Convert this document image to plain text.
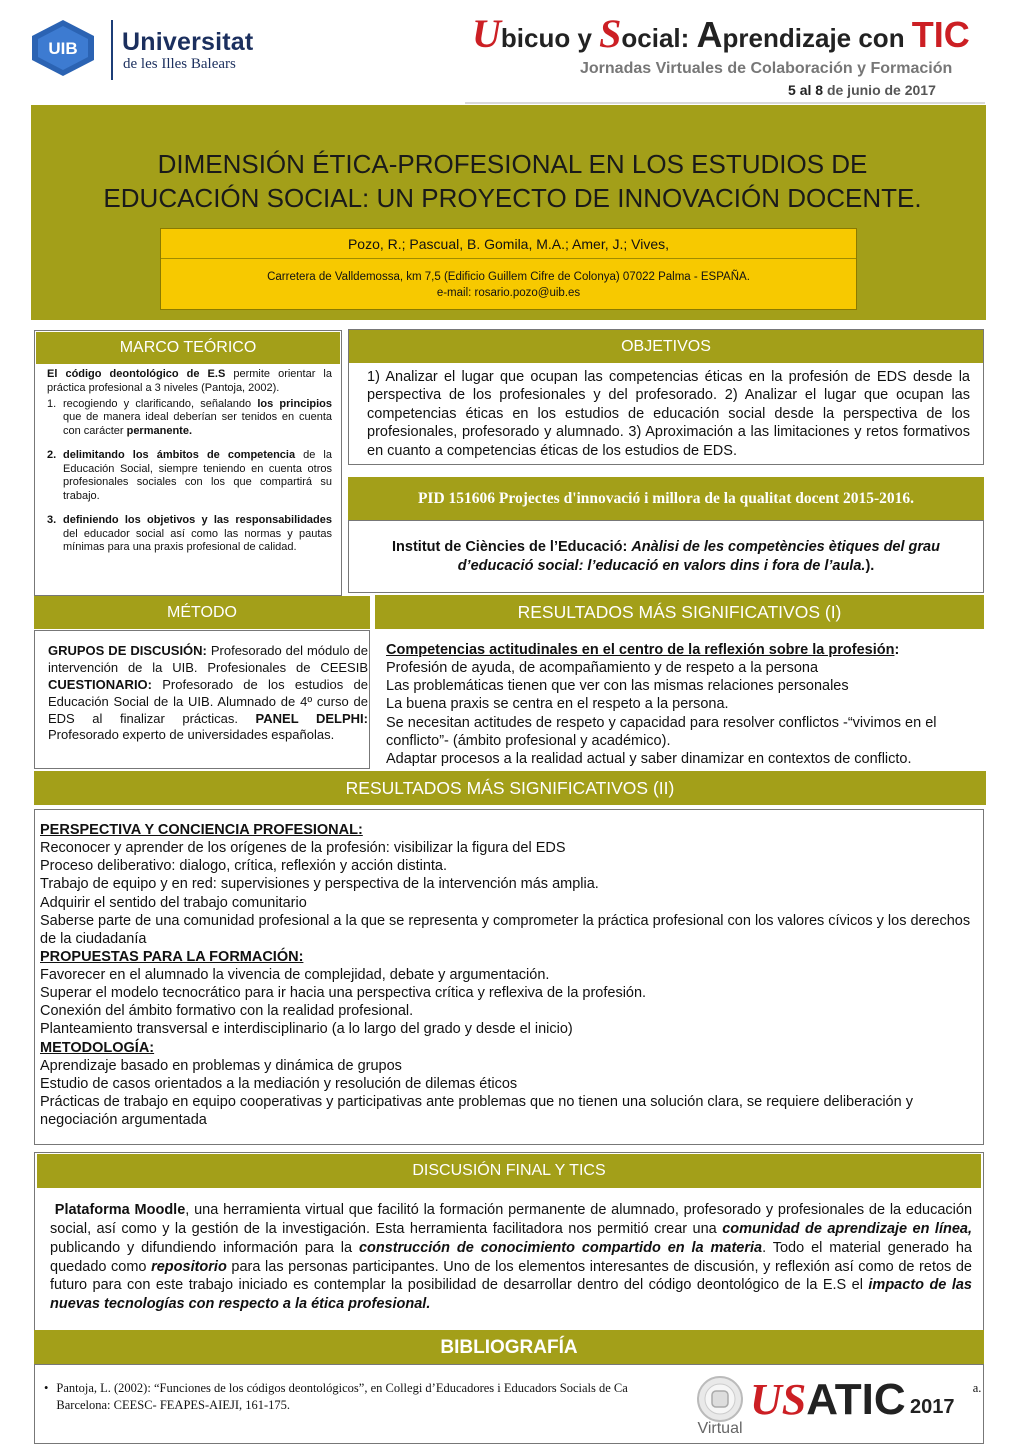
UIB Universitat
de les Illes Balears
Ubicuo y Social: Aprendizaje con TIC
Jornadas Virtuales de Colaboración y Formación
5 al 8 de junio de 2017
DIMENSIÓN ÉTICA-PROFESIONAL EN LOS ESTUDIOS DE
EDUCACIÓN SOCIAL: UN PROYECTO DE INNOVACIÓN DOCENTE.
Pozo, R.; Pascual, B. Gomila, M.A.; Amer, J.; Vives,
Carretera de Valldemossa, km 7,5 (Edificio Guillem Cifre de Colonya) 07022 Palma - ESPAÑA.
e-mail: rosario.pozo@uib.es
MARCO TEÓRICO

El código deontológico de E.S permite orientar la práctica profesional a 3 niveles (Pantoja, 2002).

1. recogiendo y clarificando, señalando los principios que de manera ideal deberían ser tenidos en cuenta con carácter permanente.
2. delimitando los ámbitos de competencia de la Educación Social, siempre teniendo en cuenta otros profesionales sociales con los que compartirá su trabajo.
3. definiendo los objetivos y las responsabilidades del educador social así como las normas y pautas mínimas para una praxis profesional de calidad.
OBJETIVOS
1) Analizar el lugar que ocupan las competencias éticas en la profesión de EDS desde la perspectiva de los profesionales y del profesorado. 2) Analizar el lugar que ocupan las competencias éticas en los estudios de educación social desde la perspectiva de los profesionales, profesorado y alumnado. 3) Aproximación a las limitaciones y retos formativos en cuanto a competencias éticas de los estudios de EDS.
PID 151606 Projectes d'innovació i millora de la qualitat docent 2015-2016.
Institut de Ciències de l’Educació: Anàlisi de les competències ètiques del grau d’educació social: l’educació en valors dins i fora de l’aula.).
MÉTODO
GRUPOS DE DISCUSIÓN: Profesorado del módulo de intervención de la UIB. Profesionales de CEESIB CUESTIONARIO: Profesorado de los estudios de Educación Social de la UIB. Alumnado de 4º curso de EDS al finalizar prácticas. PANEL DELPHI: Profesorado experto de universidades españolas.
RESULTADOS MÁS SIGNIFICATIVOS (I)

Competencias actitudinales en el centro de la reflexión sobre la profesión:

Profesión de ayuda, de acompañamiento y de respeto a la persona

Las problemáticas tienen que ver con las mismas relaciones personales

La buena praxis se centra en el respeto a la persona.

Se necesitan actitudes de respeto y capacidad para resolver conflictos -“vivimos en el conflicto”- (ámbito profesional y académico).

Adaptar procesos a la realidad actual y saber dinamizar en contextos de conflicto.

RESULTADOS MÁS SIGNIFICATIVOS (II)

PERSPECTIVA Y CONCIENCIA PROFESIONAL:

Reconocer y aprender de los orígenes de la profesión: visibilizar la figura del EDS

Proceso deliberativo: dialogo, crítica, reflexión y acción distinta.

Trabajo de equipo y en red: supervisiones y perspectiva de la intervención más amplia.

Adquirir el sentido del trabajo comunitario

Saberse parte de una comunidad profesional a la que se representa y comprometer la práctica profesional con los valores cívicos y los derechos de la ciudadanía

PROPUESTAS PARA LA FORMACIÓN:

Favorecer en el alumnado la vivencia de complejidad, debate y argumentación.

Superar el modelo tecnocrático para ir hacia una perspectiva crítica y reflexiva de la profesión.

Conexión del ámbito formativo con la realidad profesional.

Planteamiento transversal e interdisciplinario (a lo largo del grado y desde el inicio)

METODOLOGÍA:

Aprendizaje basado en problemas y dinámica de grupos

Estudio de casos orientados a la mediación y resolución de dilemas éticos

Prácticas de trabajo en equipo cooperativas y participativas ante problemas que no tienen una solución clara, se requiere deliberación y negociación argumentada

DISCUSIÓN FINAL Y TICS
Plataforma Moodle, una herramienta virtual que facilitó la formación permanente de alumnado, profesorado y profesionales de la educación social, así como y la gestión de la investigación. Esta herramienta facilitadora nos permitió crear una comunidad de aprendizaje en línea, publicando y difundiendo información para la construcción de conocimiento compartido en la materia. Todo el material generado ha quedado como repositorio para las personas participantes. Uno de los elementos interesantes de discusión, y reflexión así como de retos de futuro para con este trabajo iniciado es contemplar la posibilidad de desarrollar dentro del código deontológico de la E.S el impacto de las nuevas tecnologías con respecto a la ética profesional.
BIBLIOGRAFÍA
• Pantoja, L. (2002): “Funciones de los códigos deontológicos”, en Collegi d’Educadores i Educadors Socials de Ca	a.
Barcelona: CEESC- FEAPES-AIEJI, 161-175.
Virtual
USATIC 2017
